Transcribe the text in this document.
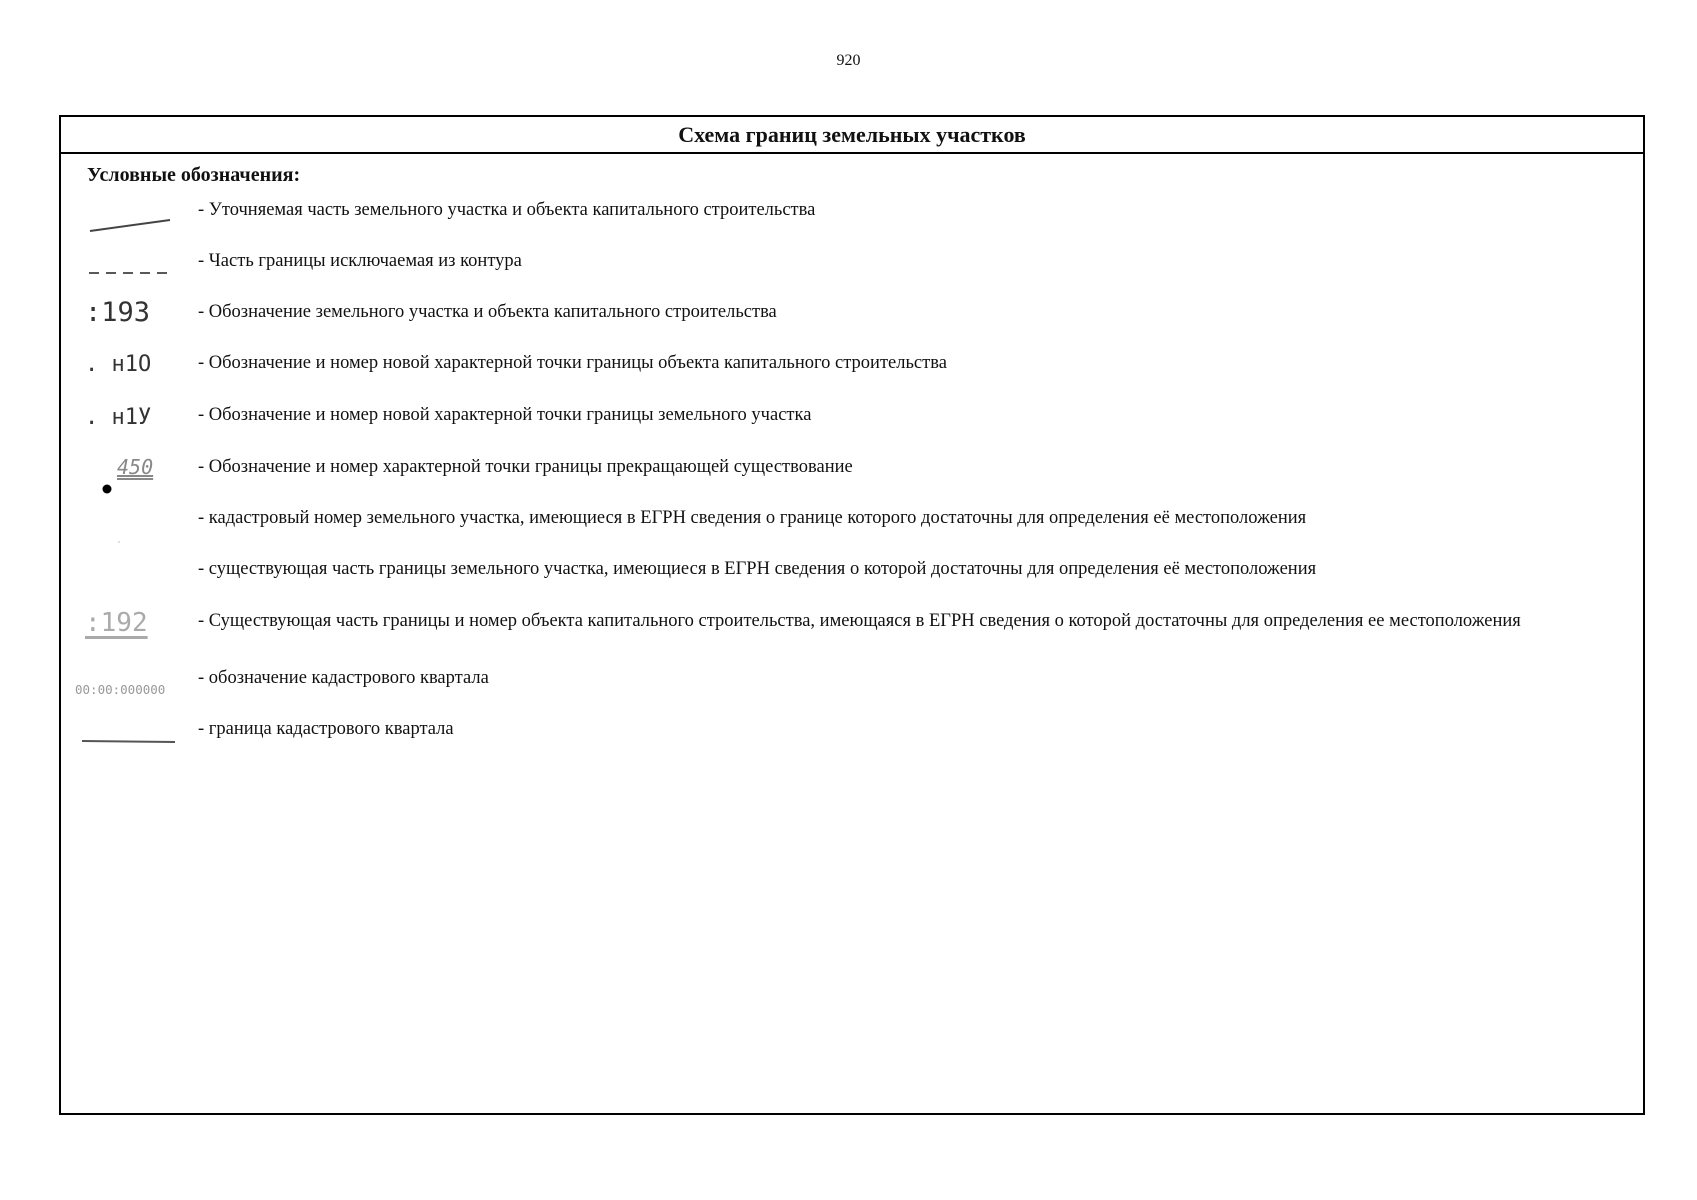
920
Схема границ земельных участков
Условные обозначения:
- Уточняемая часть земельного участка и объекта капитального строительства
- Часть границы исключаемая из контура
:193	- Обозначение земельного участка и объекта капитального строительства
. н1О	- Обозначение и номер новой характерной точки границы объекта капитального строительства
. н1У	- Обозначение и номер новой характерной точки границы земельного участка
450 - Обозначение и номер характерной точки границы прекращающей существование
- кадастровый номер земельного участка, имеющиеся в ЕГРН сведения о границе которого достаточны для определения её местоположения
- существующая часть границы земельного участка, имеющиеся в ЕГРН сведения о которой достаточны для определения её местоположения
:192	- Существующая часть границы и номер объекта капитального строительства, имеющаяся в ЕГРН сведения о которой достаточны для определения ее местоположения
00:00:000000
- обозначение кадастрового квартала
- граница кадастрового квартала
